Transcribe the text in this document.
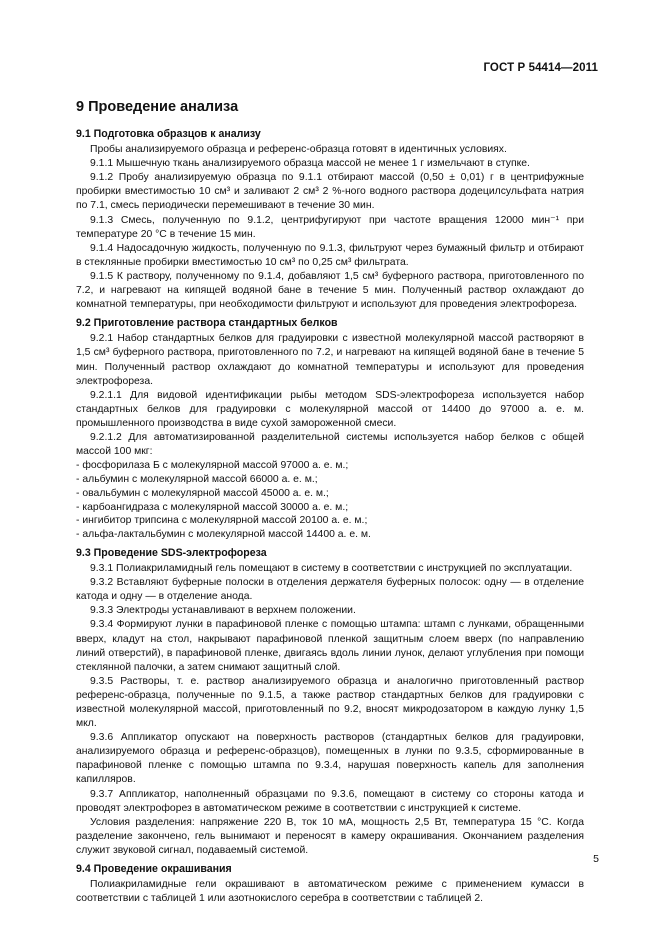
ГОСТ Р 54414—2011
9 Проведение анализа
9.1 Подготовка образцов к анализу

Пробы анализируемого образца и референс-образца готовят в идентичных условиях.

9.1.1 Мышечную ткань анализируемого образца массой не менее 1 г измельчают в ступке.

9.1.2 Пробу анализируемую образца по 9.1.1 отбирают массой (0,50 ± 0,01) г в центрифужные пробирки вместимостью 10 см³ и заливают 2 см³ 2 %-ного водного раствора додецилсульфата натрия по 7.1, смесь периодически перемешивают в течение 30 мин.

9.1.3 Смесь, полученную по 9.1.2, центрифугируют при частоте вращения 12000 мин⁻¹ при температуре 20 °С в течение 15 мин.

9.1.4 Надосадочную жидкость, полученную по 9.1.3, фильтруют через бумажный фильтр и отбирают в стеклянные пробирки вместимостью 10 см³ по 0,25 см³ фильтрата.

9.1.5 К раствору, полученному по 9.1.4, добавляют 1,5 см³ буферного раствора, приготовленного по 7.2, и нагревают на кипящей водяной бане в течение 5 мин. Полученный раствор охлаждают до комнатной температуры, при необходимости фильтруют и используют для проведения электрофореза.

9.2 Приготовление раствора стандартных белков

9.2.1 Набор стандартных белков для градуировки с известной молекулярной массой растворяют в 1,5 см³ буферного раствора, приготовленного по 7.2, и нагревают на кипящей водяной бане в течение 5 мин. Полученный раствор охлаждают до комнатной температуры и используют для проведения электрофореза.

9.2.1.1 Для видовой идентификации рыбы методом SDS-электрофореза используется набор стандартных белков для градуировки с молекулярной массой от 14400 до 97000 а. е. м. промышленного производства в виде сухой замороженной смеси.

9.2.1.2 Для автоматизированной разделительной системы используется набор белков с общей массой 100 мкг:

- фосфорилаза Б с молекулярной массой 97000 а. е. м.;
- альбумин с молекулярной массой 66000 а. е. м.;
- овальбумин с молекулярной массой 45000 а. е. м.;
- карбоангидраза с молекулярной массой 30000 а. е. м.;
- ингибитор трипсина с молекулярной массой 20100 а. е. м.;
- альфа-лактальбумин с молекулярной массой 14400 а. е. м.
9.3 Проведение SDS-электрофореза

9.3.1 Полиакриламидный гель помещают в систему в соответствии с инструкцией по эксплуатации.

9.3.2 Вставляют буферные полоски в отделения держателя буферных полосок: одну — в отделение катода и одну — в отделение анода.

9.3.3 Электроды устанавливают в верхнем положении.

9.3.4 Формируют лунки в парафиновой пленке с помощью штампа: штамп с лунками, обращенными вверх, кладут на стол, накрывают парафиновой пленкой защитным слоем вверх (по направлению линий отверстий), в парафиновой пленке, двигаясь вдоль линии лунок, делают углубления при помощи стеклянной палочки, а затем снимают защитный слой.

9.3.5 Растворы, т. е. раствор анализируемого образца и аналогично приготовленный раствор референс-образца, полученные по 9.1.5, а также раствор стандартных белков для градуировки с известной молекулярной массой, приготовленный по 9.2, вносят микродозатором в каждую лунку 1,5 мкл.

9.3.6 Аппликатор опускают на поверхность растворов (стандартных белков для градуировки, анализируемого образца и референс-образцов), помещенных в лунки по 9.3.5, сформированные в парафиновой пленке с помощью штампа по 9.3.4, нарушая поверхность капель для заполнения капилляров.

9.3.7 Аппликатор, наполненный образцами по 9.3.6, помещают в систему со стороны катода и проводят электрофорез в автоматическом режиме в соответствии с инструкцией к системе.

Условия разделения: напряжение 220 В, ток 10 мА, мощность 2,5 Вт, температура 15 °С. Когда разделение закончено, гель вынимают и переносят в камеру окрашивания. Окончанием разделения служит звуковой сигнал, подаваемый системой.

9.4 Проведение окрашивания

Полиакриламидные гели окрашивают в автоматическом режиме с применением кумасси в соответствии с таблицей 1 или азотнокислого серебра в соответствии с таблицей 2.

5
